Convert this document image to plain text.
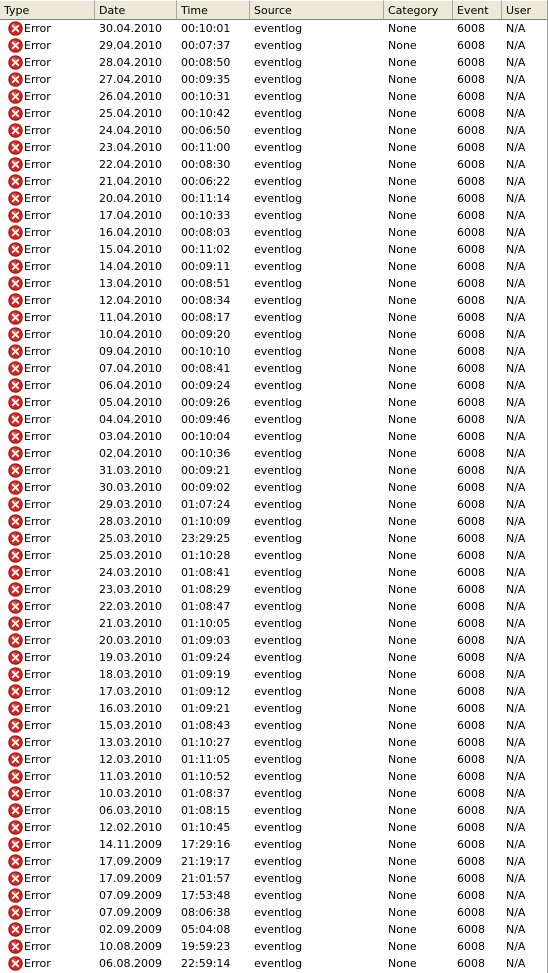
Type	Date	Time	Source	Category	Event	User
Error	30.04.2010	00:10:01	eventlog	None	6008	N/A
Error	29.04.2010	00:07:37	eventlog	None	6008	N/A
Error	28.04.2010	00:08:50	eventlog	None	6008	N/A
Error	27.04.2010	00:09:35	eventlog	None	6008	N/A
Error	26.04.2010	00:10:31	eventlog	None	6008	N/A
Error	25.04.2010	00:10:42	eventlog	None	6008	N/A
Error	24.04.2010	00:06:50	eventlog	None	6008	N/A
Error	23.04.2010	00:11:00	eventlog	None	6008	N/A
Error	22.04.2010	00:08:30	eventlog	None	6008	N/A
Error	21.04.2010	00:06:22	eventlog	None	6008	N/A
Error	20.04.2010	00:11:14	eventlog	None	6008	N/A
Error	17.04.2010	00:10:33	eventlog	None	6008	N/A
Error	16.04.2010	00:08:03	eventlog	None	6008	N/A
Error	15.04.2010	00:11:02	eventlog	None	6008	N/A
Error	14.04.2010	00:09:11	eventlog	None	6008	N/A
Error	13.04.2010	00:08:51	eventlog	None	6008	N/A
Error	12.04.2010	00:08:34	eventlog	None	6008	N/A
Error	11.04.2010	00:08:17	eventlog	None	6008	N/A
Error	10.04.2010	00:09:20	eventlog	None	6008	N/A
Error	09.04.2010	00:10:10	eventlog	None	6008	N/A
Error	07.04.2010	00:08:41	eventlog	None	6008	N/A
Error	06.04.2010	00:09:24	eventlog	None	6008	N/A
Error	05.04.2010	00:09:26	eventlog	None	6008	N/A
Error	04.04.2010	00:09:46	eventlog	None	6008	N/A
Error	03.04.2010	00:10:04	eventlog	None	6008	N/A
Error	02.04.2010	00:10:36	eventlog	None	6008	N/A
Error	31.03.2010	00:09:21	eventlog	None	6008	N/A
Error	30.03.2010	00:09:02	eventlog	None	6008	N/A
Error	29.03.2010	01:07:24	eventlog	None	6008	N/A
Error	28.03.2010	01:10:09	eventlog	None	6008	N/A
Error	25.03.2010	23:29:25	eventlog	None	6008	N/A
Error	25.03.2010	01:10:28	eventlog	None	6008	N/A
Error	24.03.2010	01:08:41	eventlog	None	6008	N/A
Error	23.03.2010	01:08:29	eventlog	None	6008	N/A
Error	22.03.2010	01:08:47	eventlog	None	6008	N/A
Error	21.03.2010	01:10:05	eventlog	None	6008	N/A
Error	20.03.2010	01:09:03	eventlog	None	6008	N/A
Error	19.03.2010	01:09:24	eventlog	None	6008	N/A
Error	18.03.2010	01:09:19	eventlog	None	6008	N/A
Error	17.03.2010	01:09:12	eventlog	None	6008	N/A
Error	16.03.2010	01:09:21	eventlog	None	6008	N/A
Error	15.03.2010	01:08:43	eventlog	None	6008	N/A
Error	13.03.2010	01:10:27	eventlog	None	6008	N/A
Error	12.03.2010	01:11:05	eventlog	None	6008	N/A
Error	11.03.2010	01:10:52	eventlog	None	6008	N/A
Error	10.03.2010	01:08:37	eventlog	None	6008	N/A
Error	06.03.2010	01:08:15	eventlog	None	6008	N/A
Error	12.02.2010	01:10:45	eventlog	None	6008	N/A
Error	14.11.2009	17:29:16	eventlog	None	6008	N/A
Error	17.09.2009	21:19:17	eventlog	None	6008	N/A
Error	17.09.2009	21:01:57	eventlog	None	6008	N/A
Error	07.09.2009	17:53:48	eventlog	None	6008	N/A
Error	07.09.2009	08:06:38	eventlog	None	6008	N/A
Error	02.09.2009	05:04:08	eventlog	None	6008	N/A
Error	10.08.2009	19:59:23	eventlog	None	6008	N/A
Error	06.08.2009	22:59:14	eventlog	None	6008	N/A
